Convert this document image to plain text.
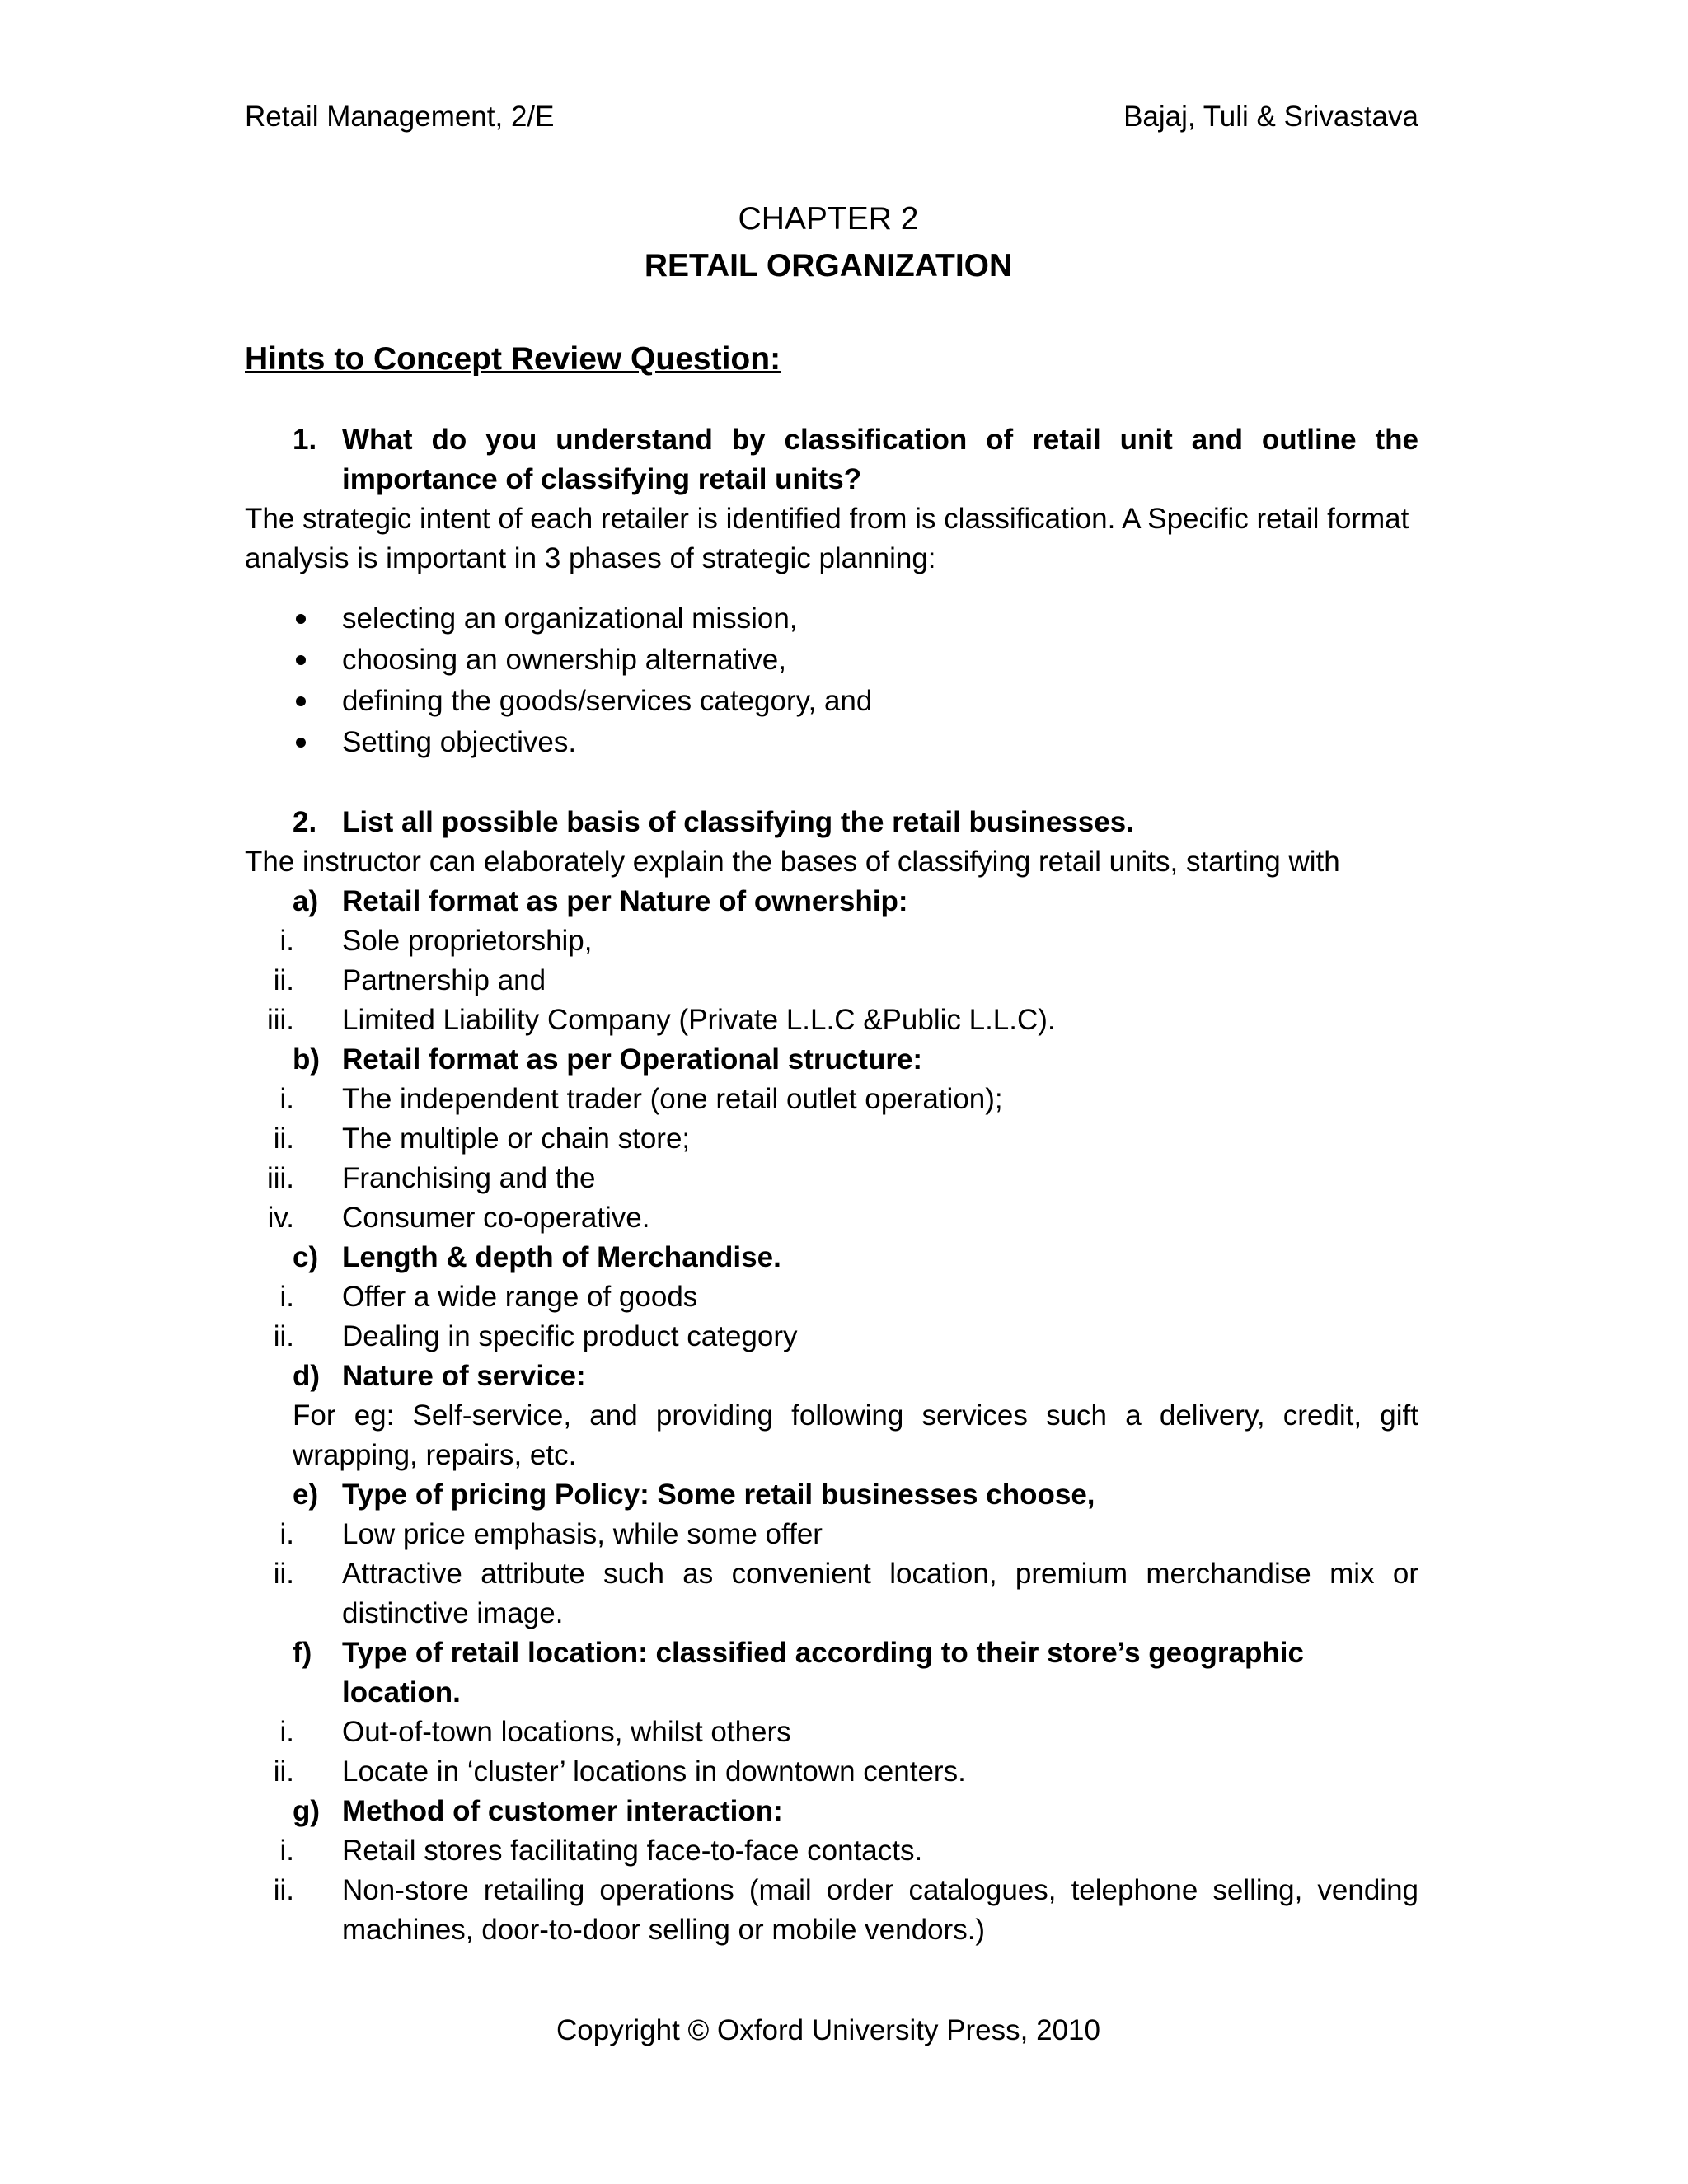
Retail Management, 2/E	Bajaj, Tuli & Srivastava
CHAPTER 2
RETAIL ORGANIZATION
Hints to Concept Review Question:
1. What do you understand by classification of retail unit and outline the importance of classifying retail units?

The strategic intent of each retailer is identified from is classification. A Specific retail format analysis is important in 3 phases of strategic planning:

selecting an organizational mission,
choosing an ownership alternative,
defining the goods/services category, and
Setting objectives.
2. List all possible basis of classifying the retail businesses.

The instructor can elaborately explain the bases of classifying retail units, starting with

a) Retail format as per Nature of ownership:
i.	Sole proprietorship,
ii.	Partnership and
iii.	Limited Liability Company (Private L.L.C &Public L.L.C).
b) Retail format as per Operational structure:
i.	The independent trader (one retail outlet operation);
ii.	The multiple or chain store;
iii.	Franchising and the
iv.	Consumer co-operative.
c) Length & depth of Merchandise.
i.	Offer a wide range of goods
ii.	Dealing in specific product category
d) Nature of service:
For eg: Self-service, and providing following services such a delivery, credit, gift wrapping, repairs, etc.
e) Type of pricing Policy: Some retail businesses choose,
i.	Low price emphasis, while some offer
ii.	Attractive attribute such as convenient location, premium merchandise mix or distinctive image.
f)	Type of retail location: classified according to their store’s geographic location.
i.	Out-of-town locations, whilst others
ii.	Locate in ‘cluster’ locations in downtown centers.
g) Method of customer interaction:
i.	Retail stores facilitating face-to-face contacts.
ii.	Non-store retailing operations (mail order catalogues, telephone selling, vending machines, door-to-door selling or mobile vendors.)
Copyright © Oxford University Press, 2010
